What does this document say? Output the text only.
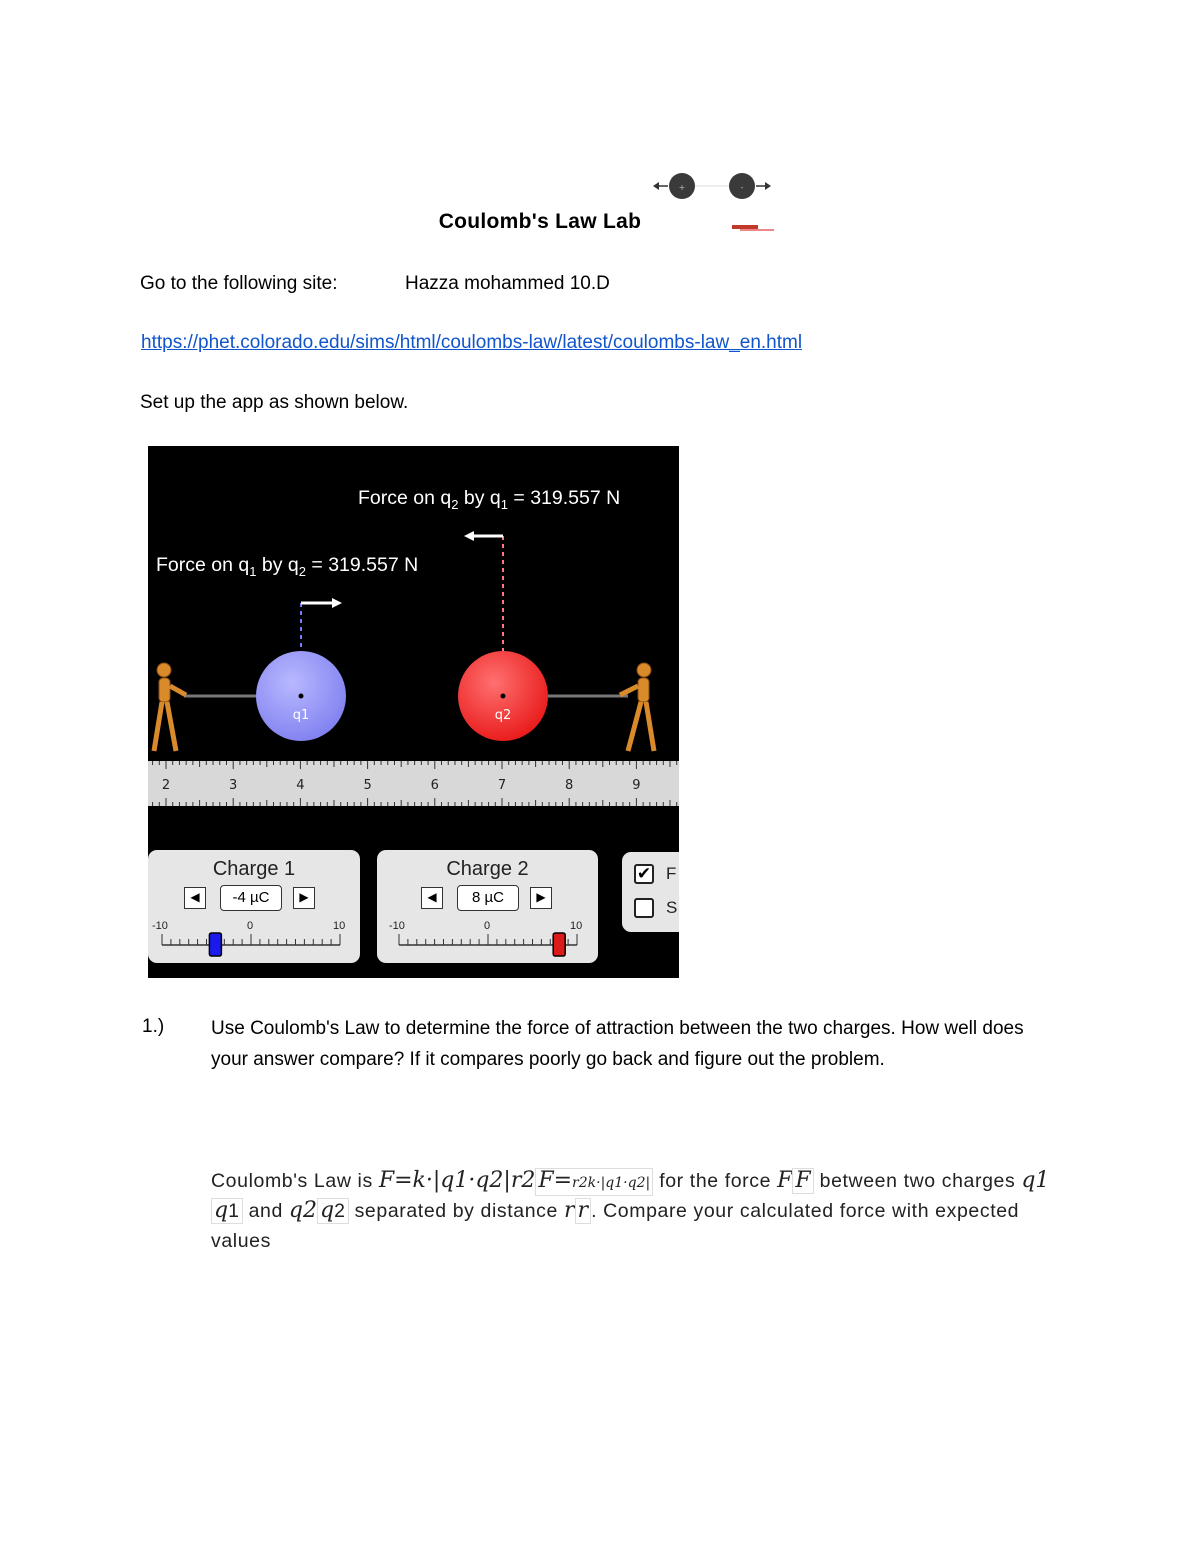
+	-
Coulomb's Law Lab
Go to the following site:	Hazza mohammed 10.D
https://phet.colorado.edu/sims/html/coulombs-law/latest/coulombs-law_en.html
Set up the app as shown below.
q1	q2
2	3	4	5	6	7	8	9
Force on $q_2$ by $q_1 = 319.557$ N
Force on $q_1$ by $q_2 = 319.557$ N
Charge 1
◀	-4 µC	▶
-10	0	10
Charge 2
◀	8 µC	▶
-10	0	10
✔ F
S
1.) Use Coulomb's Law to determine the force of attraction between the two charges. How well does your answer compare? If it compares poorly go back and figure out the problem.
Coulomb's Law is F=k·|q1·q2|r2 F=r2k·|q1·q2| for the force F F between two charges q1q1 and q2 q2 separated by distance r r . Compare your calculated force with expected values
